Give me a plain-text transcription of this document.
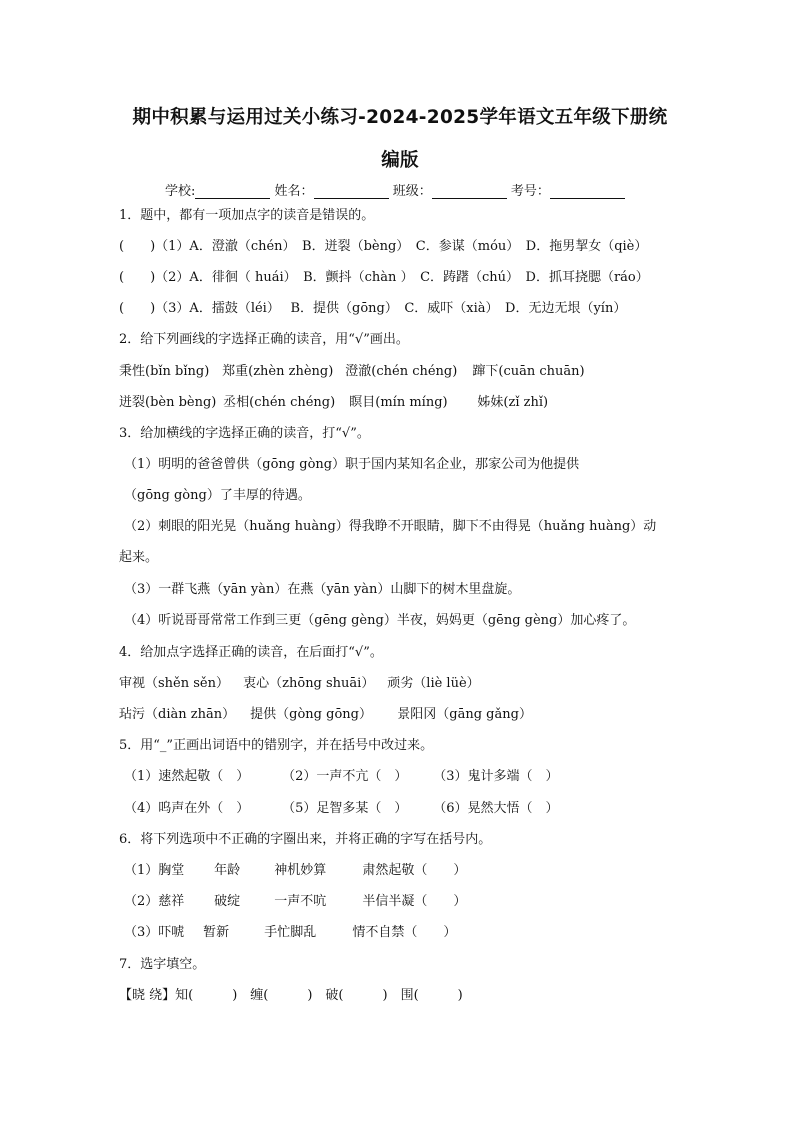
期中积累与运用过关小练习-2024-2025学年语文五年级下册统
编版
学校:	姓名：	班级：	考号：
1．题中，都有一项加点字的读音是错误的。
(　　)（1）A．澄澈（chén）　B．迸裂（bèng）　C．参谋（móu）　D．拖男挈女（qiè）
(　　)（2）A．徘徊（ huái）　B．颤抖（chàn ）　C．踌躇（chú）　D．抓耳挠腮（ráo）
(　　)（3）A．擂鼓（léi）　 B．提供（gōng）　C．威吓（xià）　D．无边无垠（yín）
2．给下列画线的字选择正确的读音，用“√”画出。
秉性(bǐn bǐng) 郑重(zhèn zhèng) 澄澈(chén chéng) 蹿下(cuān chuān)
迸裂(bèn bèng) 丞相(chén chéng) 瞑目(mín míng) 姊妹(zǐ zhǐ)
3．给加横线的字选择正确的读音，打“√”。
（1）明明的爸爸曾供（gōng gòng）职于国内某知名企业，那家公司为他提供
（gōng gòng）了丰厚的待遇。
（2）刺眼的阳光晃（huǎng huàng）得我睁不开眼睛，脚下不由得晃（huǎng huàng）动
起来。
（3）一群飞燕（yān yàn）在燕（yān yàn）山脚下的树木里盘旋。
（4）听说哥哥常常工作到三更（gēng gèng）半夜，妈妈更（gēng gèng）加心疼了。
4．给加点字选择正确的读音，在后面打“√”。
审视（shěn sěn） 衷心（zhōng shuāi） 顽劣（liè lüè）
玷污（diàn zhān） 提供（gòng gōng） 景阳冈（gāng gǎng）
5．用“_”正画出词语中的错别字，并在括号中改过来。
（1）速然起敬（　）	（2）一声不亢（　） （3）鬼计多端（　）
（4）呜声在外（　）	（5）足智多某（　） （6）晃然大悟（　）
6．将下列选项中不正确的字圈出来，并将正确的字写在括号内。
（1）胸堂 年龄	神机妙算	肃然起敬（　　）
（2）慈祥 破绽	一声不吭	半信半凝（　　）
（3）吓唬 暂新	手忙脚乱	情不自禁（　　）
7．选字填空。
【晓 绕】知(　　　)　缠(　　　)　破(　　　)　围(　　　)
